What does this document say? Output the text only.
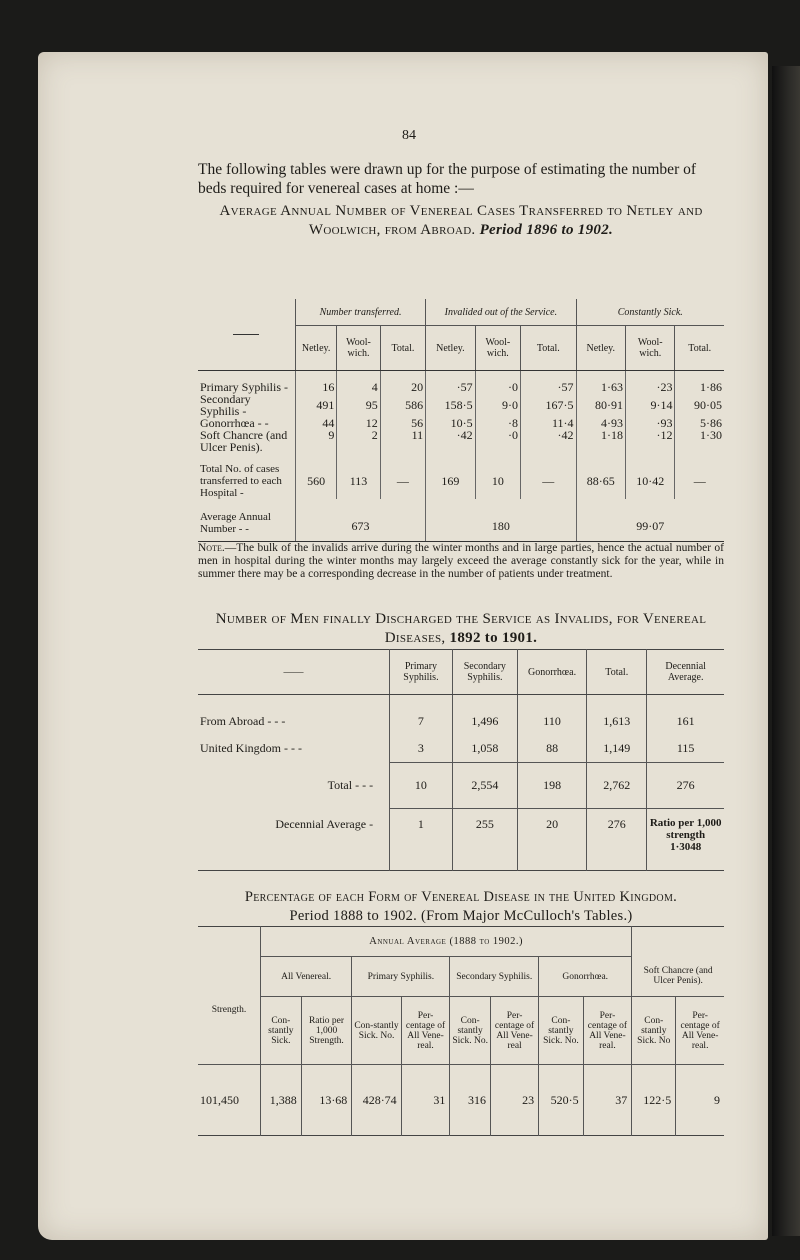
84
The following tables were drawn up for the purpose of estimating the number of beds required for venereal cases at home :—
Average Annual Number of Venereal Cases Transferred to Netley and Woolwich, from Abroad. Period 1896 to 1902.
	Number transferred.			Invalided out of the Service.			Constantly Sick.		
	Netley.	Wool-wich.	Total.	Netley.	Wool-wich.	Total.	Netley.	Wool-wich.	Total.
Primary Syphilis -	16	4	20	·57	·0	·57	1·63	·23	1·86
Secondary Syphilis -	491	95	586	158·5	9·0	167·5	80·91	9·14	90·05
Gonorrhœa - -	44	12	56	10·5	·8	11·4	4·93	·93	5·86
Soft Chancre (and Ulcer Penis).	9	2	11	·42	·0	·42	1·18	·12	1·30
Total No. of cases transferred to each Hospital -	560	113	—	169	10	—	88·65	10·42	—
Average Annual Number - -	673			180			99·07		
Note.—The bulk of the invalids arrive during the winter months and in large parties, hence the actual number of men in hospital during the winter months may largely exceed the average constantly sick for the year, while in summer there may be a corresponding decrease in the number of patients under treatment.
Number of Men finally Discharged the Service as Invalids, for Venereal Diseases, 1892 to 1901.
——	Primary Syphilis.	Secondary Syphilis.	Gonorrhœa.	Total.	Decennial Average.
From Abroad - - -	7	1,496	110	1,613	161
United Kingdom - - -	3	1,058	88	1,149	115
Total - - -	10	2,554	198	2,762	276
Decennial Average -	1	255	20	276	Ratio per 1,000 strength 1·3048
Percentage of each Form of Venereal Disease in the United Kingdom.
Period 1888 to 1902. (From Major McCulloch's Tables.)
	Annual Average (1888 to 1902.)									
Strength.	All Venereal.		Primary Syphilis.		Secondary Syphilis.		Gonorrhœa.		Soft Chancre (and Ulcer Penis).	
	Con-stantly Sick.	Ratio per 1,000 Strength.	Con-stantly Sick. No.	Per-centage of All Vene-real.	Con-stantly Sick. No.	Per-centage of All Vene-real	Con-stantly Sick. No.	Per-centage of All Vene-real.	Con-stantly Sick. No	Per-centage of All Vene-real.
101,450	1,388	13·68	428·74	31	316	23	520·5	37	122·5	9
